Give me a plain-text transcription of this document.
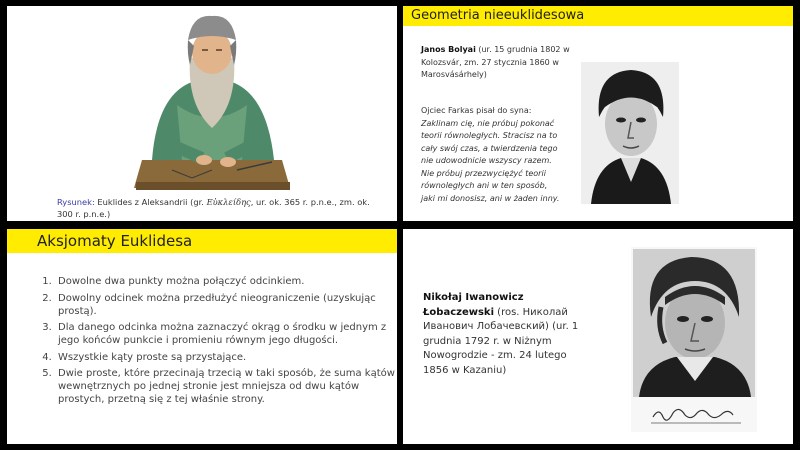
Rysunek: Euklides z Aleksandrii (gr. Εὐκλείδης, ur. ok. 365 r. p.n.e., zm. ok. 300 r. p.n.e.)
Geometria nieeuklidesowa
Janos Bolyai (ur. 15 grudnia 1802 w Kolozsvár, zm. 27 stycznia 1860 w Marosvásárhely)
Ojciec Farkas pisał do syna:
Zaklinam cię, nie próbuj pokonać teorii równoległych. Stracisz na to cały swój czas, a twierdzenia tego nie udowodnicie wszyscy razem. Nie próbuj przezwyciężyć teorii równoległych ani w ten sposób, jaki mi donosisz, ani w żaden inny.
Aksjomaty Euklidesa
1. Dowolne dwa punkty można połączyć odcinkiem.
2. Dowolny odcinek można przedłużyć nieograniczenie (uzyskując prostą).
3. Dla danego odcinka można zaznaczyć okrąg o środku w jednym z jego końców punkcie i promieniu równym jego długości.
4. Wszystkie kąty proste są przystające.
5. Dwie proste, które przecinają trzecią w taki sposób, że suma kątów wewnętrznych po jednej stronie jest mniejsza od dwu kątów prostych, przetną się z tej właśnie strony.
Nikołaj Iwanowicz Łobaczewski (ros. Николай Иванович Лобачевский) (ur. 1 grudnia 1792 r. w Niżnym Nowogrodzie - zm. 24 lutego 1856 w Kazaniu)
